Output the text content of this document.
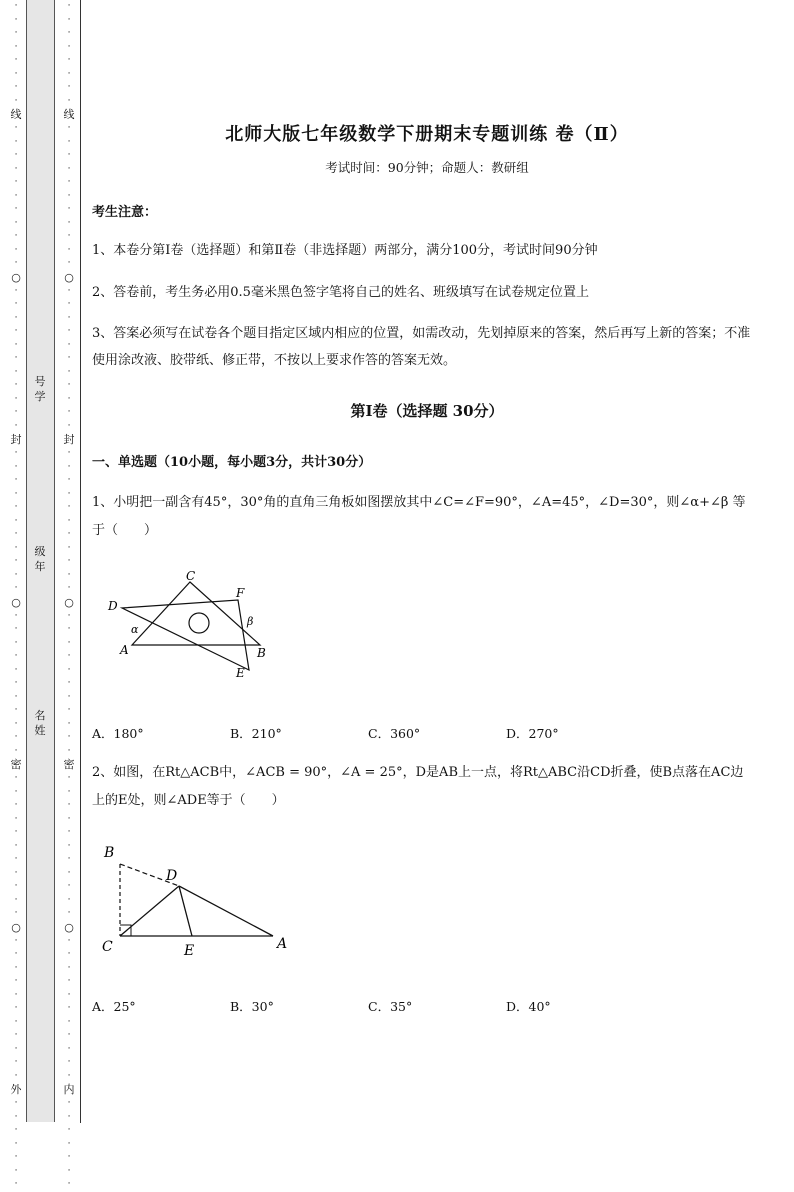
·
·
·
·
·
·
·
·
线
·
·
·
·
·
·
·
·
·
·
·
○
·
·
·
·
·
·
·
·
·
·
·
封
·
·
·
·
·
·
·
·
·
·
·
○
·
·
·
·
·
·
·
·
·
·
·
密
·
·
·
·
·
·
·
·
·
·
·
○
·
·
·
·
·
·
·
·
·
·
·
外
·
·
·
·
·
·
·
·
·
·
·
·
·
·
·
线
·
·
·
·
·
·
·
·
·
·
·
○
·
·
·
·
·
·
·
·
·
·
·
封
·
·
·
·
·
·
·
·
·
·
·
○
·
·
·
·
·
·
·
·
·
·
·
密
·
·
·
·
·
·
·
·
·
·
·
○
·
·
·
·
·
·
·
·
·
·
·
内
·
·
·
·
·
·
·
号学
级年
名姓
北师大版七年级数学下册期末专题训练 卷（Ⅱ）
考试时间：90分钟；命题人：教研组
考生注意：
1、本卷分第Ⅰ卷（选择题）和第Ⅱ卷（非选择题）两部分，满分100分，考试时间90分钟
2、答卷前，考生务必用0.5毫米黑色签字笔将自己的姓名、班级填写在试卷规定位置上
3、答案必须写在试卷各个题目指定区域内相应的位置，如需改动，先划掉原来的答案，然后再写上新的答案；不准使用涂改液、胶带纸、修正带，不按以上要求作答的答案无效。
第Ⅰ卷（选择题 30分）
一、单选题（10小题，每小题3分，共计30分）
1、小明把一副含有45°，30°角的直角三角板如图摆放其中∠C=∠F=90°，∠A=45°，∠D=30°，则∠α+∠β 等于（　　）
C
F
D
α
β
A	B
E
A．180°	B．210°	C．360°	D．270°
2、如图，在Rt△ACB中，∠ACB = 90°，∠A = 25°，D是AB上一点，将Rt△ABC沿CD折叠，使B点落在AC边上的E处，则∠ADE等于（　　）
B
D
C	E	A
A．25°	B．30°	C．35°	D．40°
